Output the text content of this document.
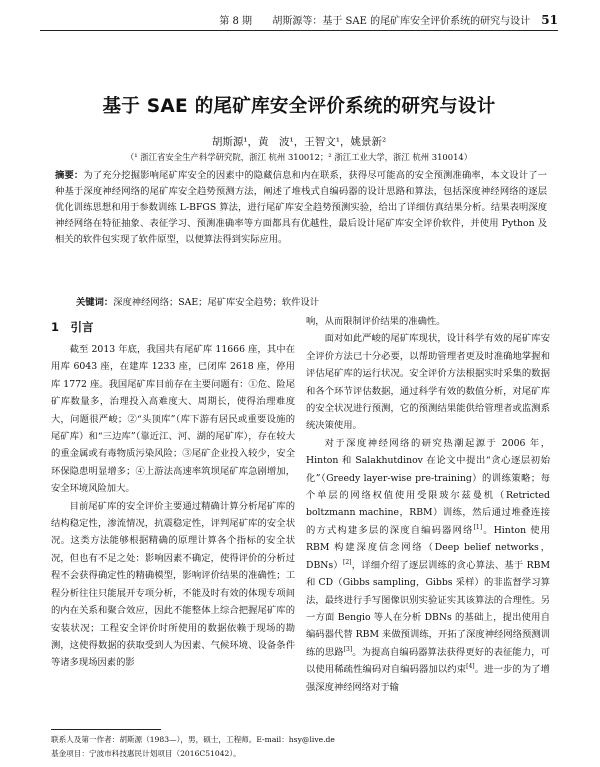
第 8 期 胡斯源等：基于 SAE 的尾矿库安全评价系统的研究与设计 51
基于 SAE 的尾矿库安全评价系统的研究与设计
胡斯源¹，黄　波¹，王智文¹，姚景新²
（¹ 浙江省安全生产科学研究院，浙江 杭州 310012；² 浙江工业大学，浙江 杭州 310014）

摘要：为了充分挖掘影响尾矿库安全的因素中的隐藏信息和内在联系，获得尽可能高的安全预测准确率，本文设计了一种基于深度神经网络的尾矿库安全趋势预测方法，阐述了堆栈式自编码器的设计思路和算法，包括深度神经网络的逐层优化训练思想和用于参数训练 L-BFGS 算法，进行尾矿库安全趋势预测实验，给出了详细仿真结果分析。结果表明深度神经网络在特征抽象、表征学习、预测准确率等方面都具有优越性，最后设计尾矿库安全评价软件，并使用 Python 及相关的软件包实现了软件原型，以便算法得到实际应用。

关键词：深度神经网络；SAE；尾矿库安全趋势；软件设计

1　引言

截至 2013 年底，我国共有尾矿库 11666 座，其中在用库 6043 座，在建库 1233 座，已闭库 2618 座，停用库 1772 座。我国尾矿库目前存在主要问题有：①危、险尾矿库数量多，治理投入高难度大、周期长，使得治理难度大，问题很严峻；②“头顶库”（库下游有居民或重要设施的尾矿库）和“三边库”（靠近江、河、湖的尾矿库），存在较大的重金属或有毒物质污染风险；③尾矿企业投入较少，安全环保隐患明显增多；④上游法高速率筑坝尾矿库急剧增加，安全环境风险加大。

目前尾矿库的安全评价主要通过精确计算分析尾矿库的结构稳定性，渗流情况，抗震稳定性，评判尾矿库的安全状况。这类方法能够根据精确的原理计算各个指标的安全状况，但也有不足之处：影响因素不确定，使得评价的分析过程不会获得确定性的精确模型，影响评价结果的准确性；工程分析往往只能展开专项分析，不能及时有效的体现专项间的内在关系和聚合效应，因此不能整体上综合把握尾矿库的安装状况；工程安全评价时所使用的数据依赖于现场的勘测，这使得数据的获取受到人为因素、气候环境、设备条件等诸多现场因素的影

响，从而限制评价结果的准确性。

面对如此严峻的尾矿库现状，设计科学有效的尾矿库安全评价方法已十分必要，以帮助管理者更及时准确地掌握和评估尾矿库的运行状况。安全评价方法根据实时采集的数据和各个环节评估数据，通过科学有效的数值分析，对尾矿库的安全状况进行预测，它的预测结果能供给管理者或监测系统决策使用。

对于深度神经网络的研究热潮起源于 2006 年，Hinton 和 Salakhutdinov 在论文中提出“贪心逐层初始化”（Greedy layer-wise pre-training）的训练策略；每个单层的网络权值使用受限玻尔兹曼机（Retricted boltzmann machine，RBM）训练，然后通过堆叠连接的方式构建多层的深度自编码器网络[1]。Hinton 使用 RBM 构建深度信念网络（Deep belief networks，DBNs）[2]，详细介绍了逐层训练的贪心算法、基于 RBM 和 CD（Gibbs sampling，Gibbs 采样）的非监督学习算法，最终进行手写图像识别实验证实其该算法的合理性。另一方面 Bengio 等人在分析 DBNs 的基础上，提出使用自编码器代替 RBM 来做预训练，开拓了深度神经网络预测训练的思路[3]。为提高自编码器算法获得更好的表征能力，可以使用稀疏性编码对自编码器加以约束[4]。进一步的为了增强深度神经网络对于输

联系人及第一作者：胡斯源（1983—），男，硕士，工程师。E-mail：hsy@live.de
基金项目：宁波市科技惠民计划项目（2016C51042）。
